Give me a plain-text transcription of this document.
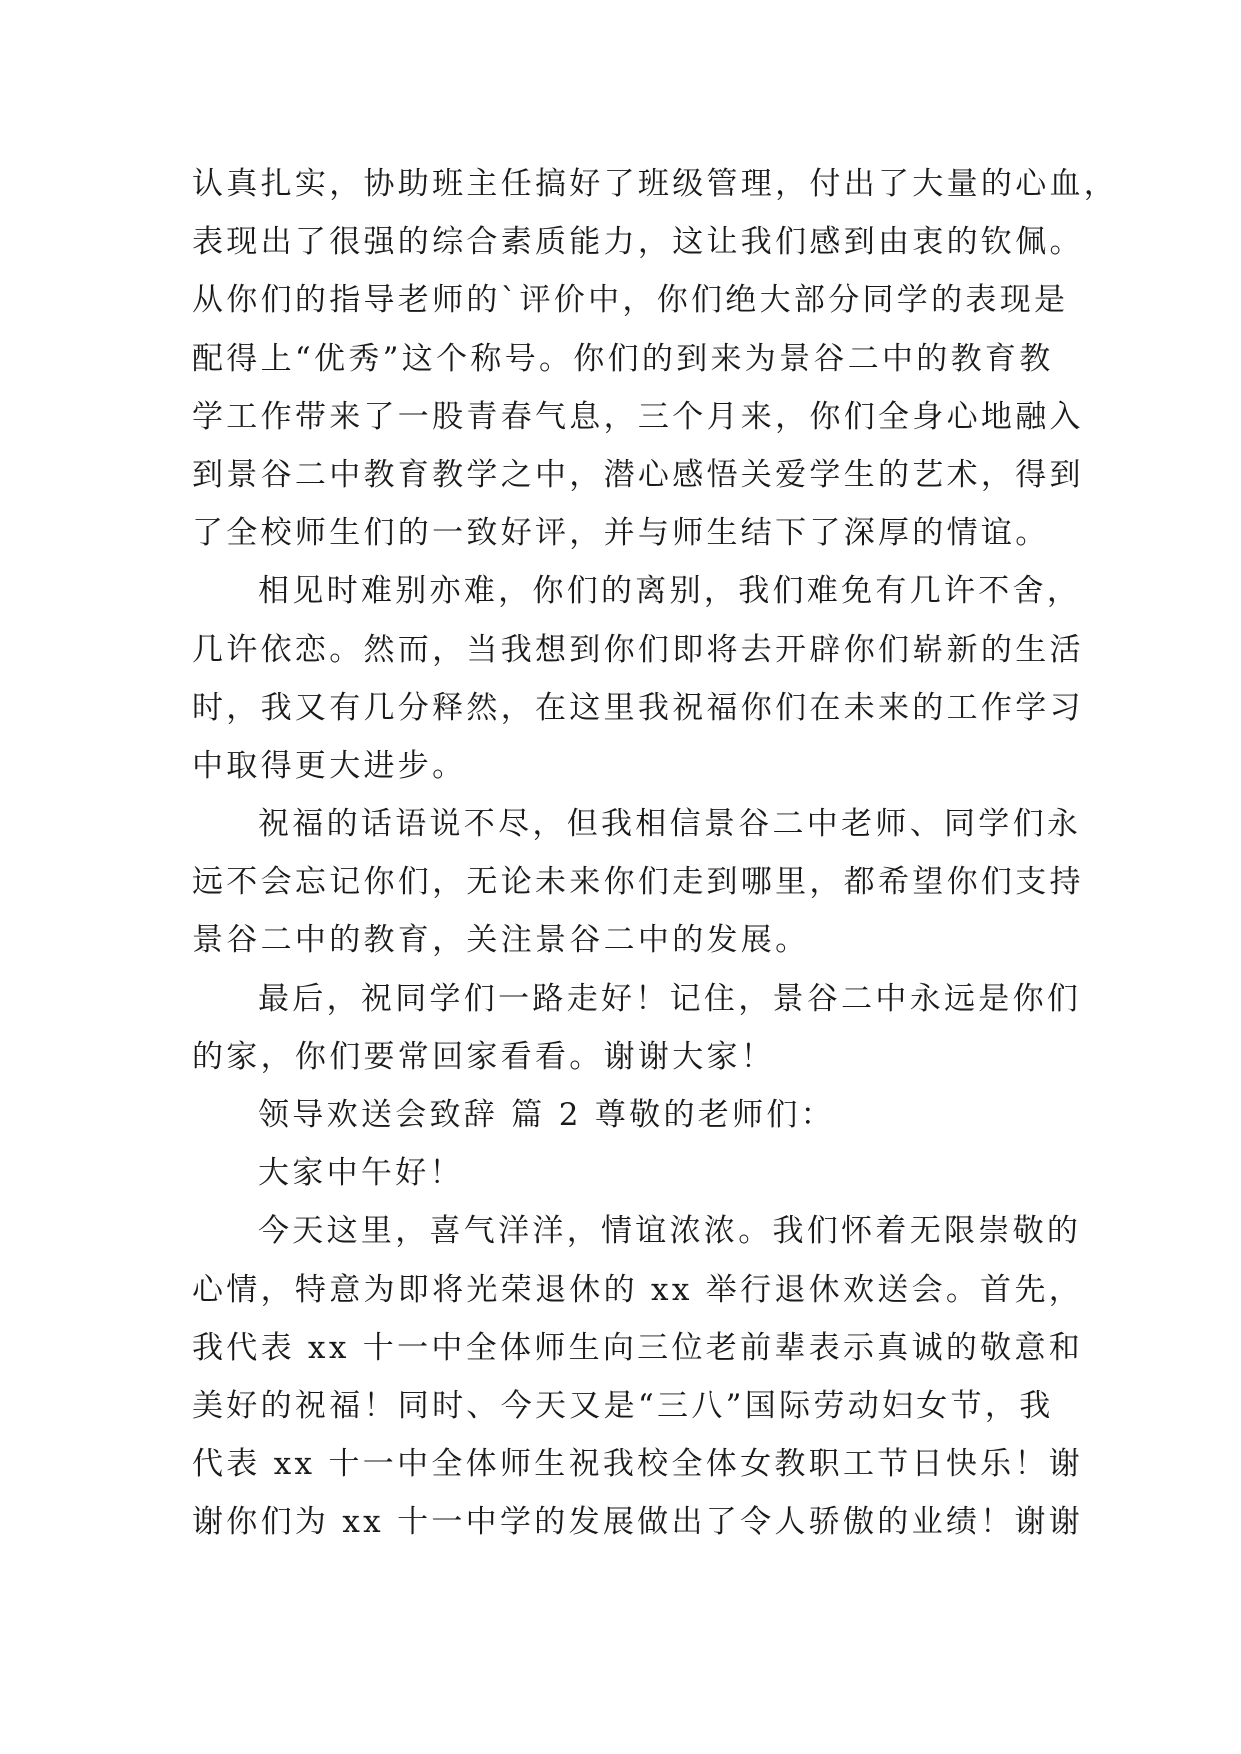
认真扎实，协助班主任搞好了班级管理，付出了大量的心血，
表现出了很强的综合素质能力，这让我们感到由衷的钦佩。
从你们的指导老师的`评价中，你们绝大部分同学的表现是
配得上“优秀”这个称号。你们的到来为景谷二中的教育教
学工作带来了一股青春气息，三个月来，你们全身心地融入
到景谷二中教育教学之中，潜心感悟关爱学生的艺术，得到
了全校师生们的一致好评，并与师生结下了深厚的情谊。
相见时难别亦难，你们的离别，我们难免有几许不舍，
几许依恋。然而，当我想到你们即将去开辟你们崭新的生活
时，我又有几分释然，在这里我祝福你们在未来的工作学习
中取得更大进步。
祝福的话语说不尽，但我相信景谷二中老师、同学们永
远不会忘记你们，无论未来你们走到哪里，都希望你们支持
景谷二中的教育，关注景谷二中的发展。
最后，祝同学们一路走好！记住，景谷二中永远是你们
的家，你们要常回家看看。谢谢大家！
领导欢送会致辞 篇 2 尊敬的老师们：
大家中午好！
今天这里，喜气洋洋，情谊浓浓。我们怀着无限崇敬的
心情，特意为即将光荣退休的 xx 举行退休欢送会。首先，
我代表 xx 十一中全体师生向三位老前辈表示真诚的敬意和
美好的祝福！同时、今天又是“三八”国际劳动妇女节，我
代表 xx 十一中全体师生祝我校全体女教职工节日快乐！谢
谢你们为 xx 十一中学的发展做出了令人骄傲的业绩！谢谢
